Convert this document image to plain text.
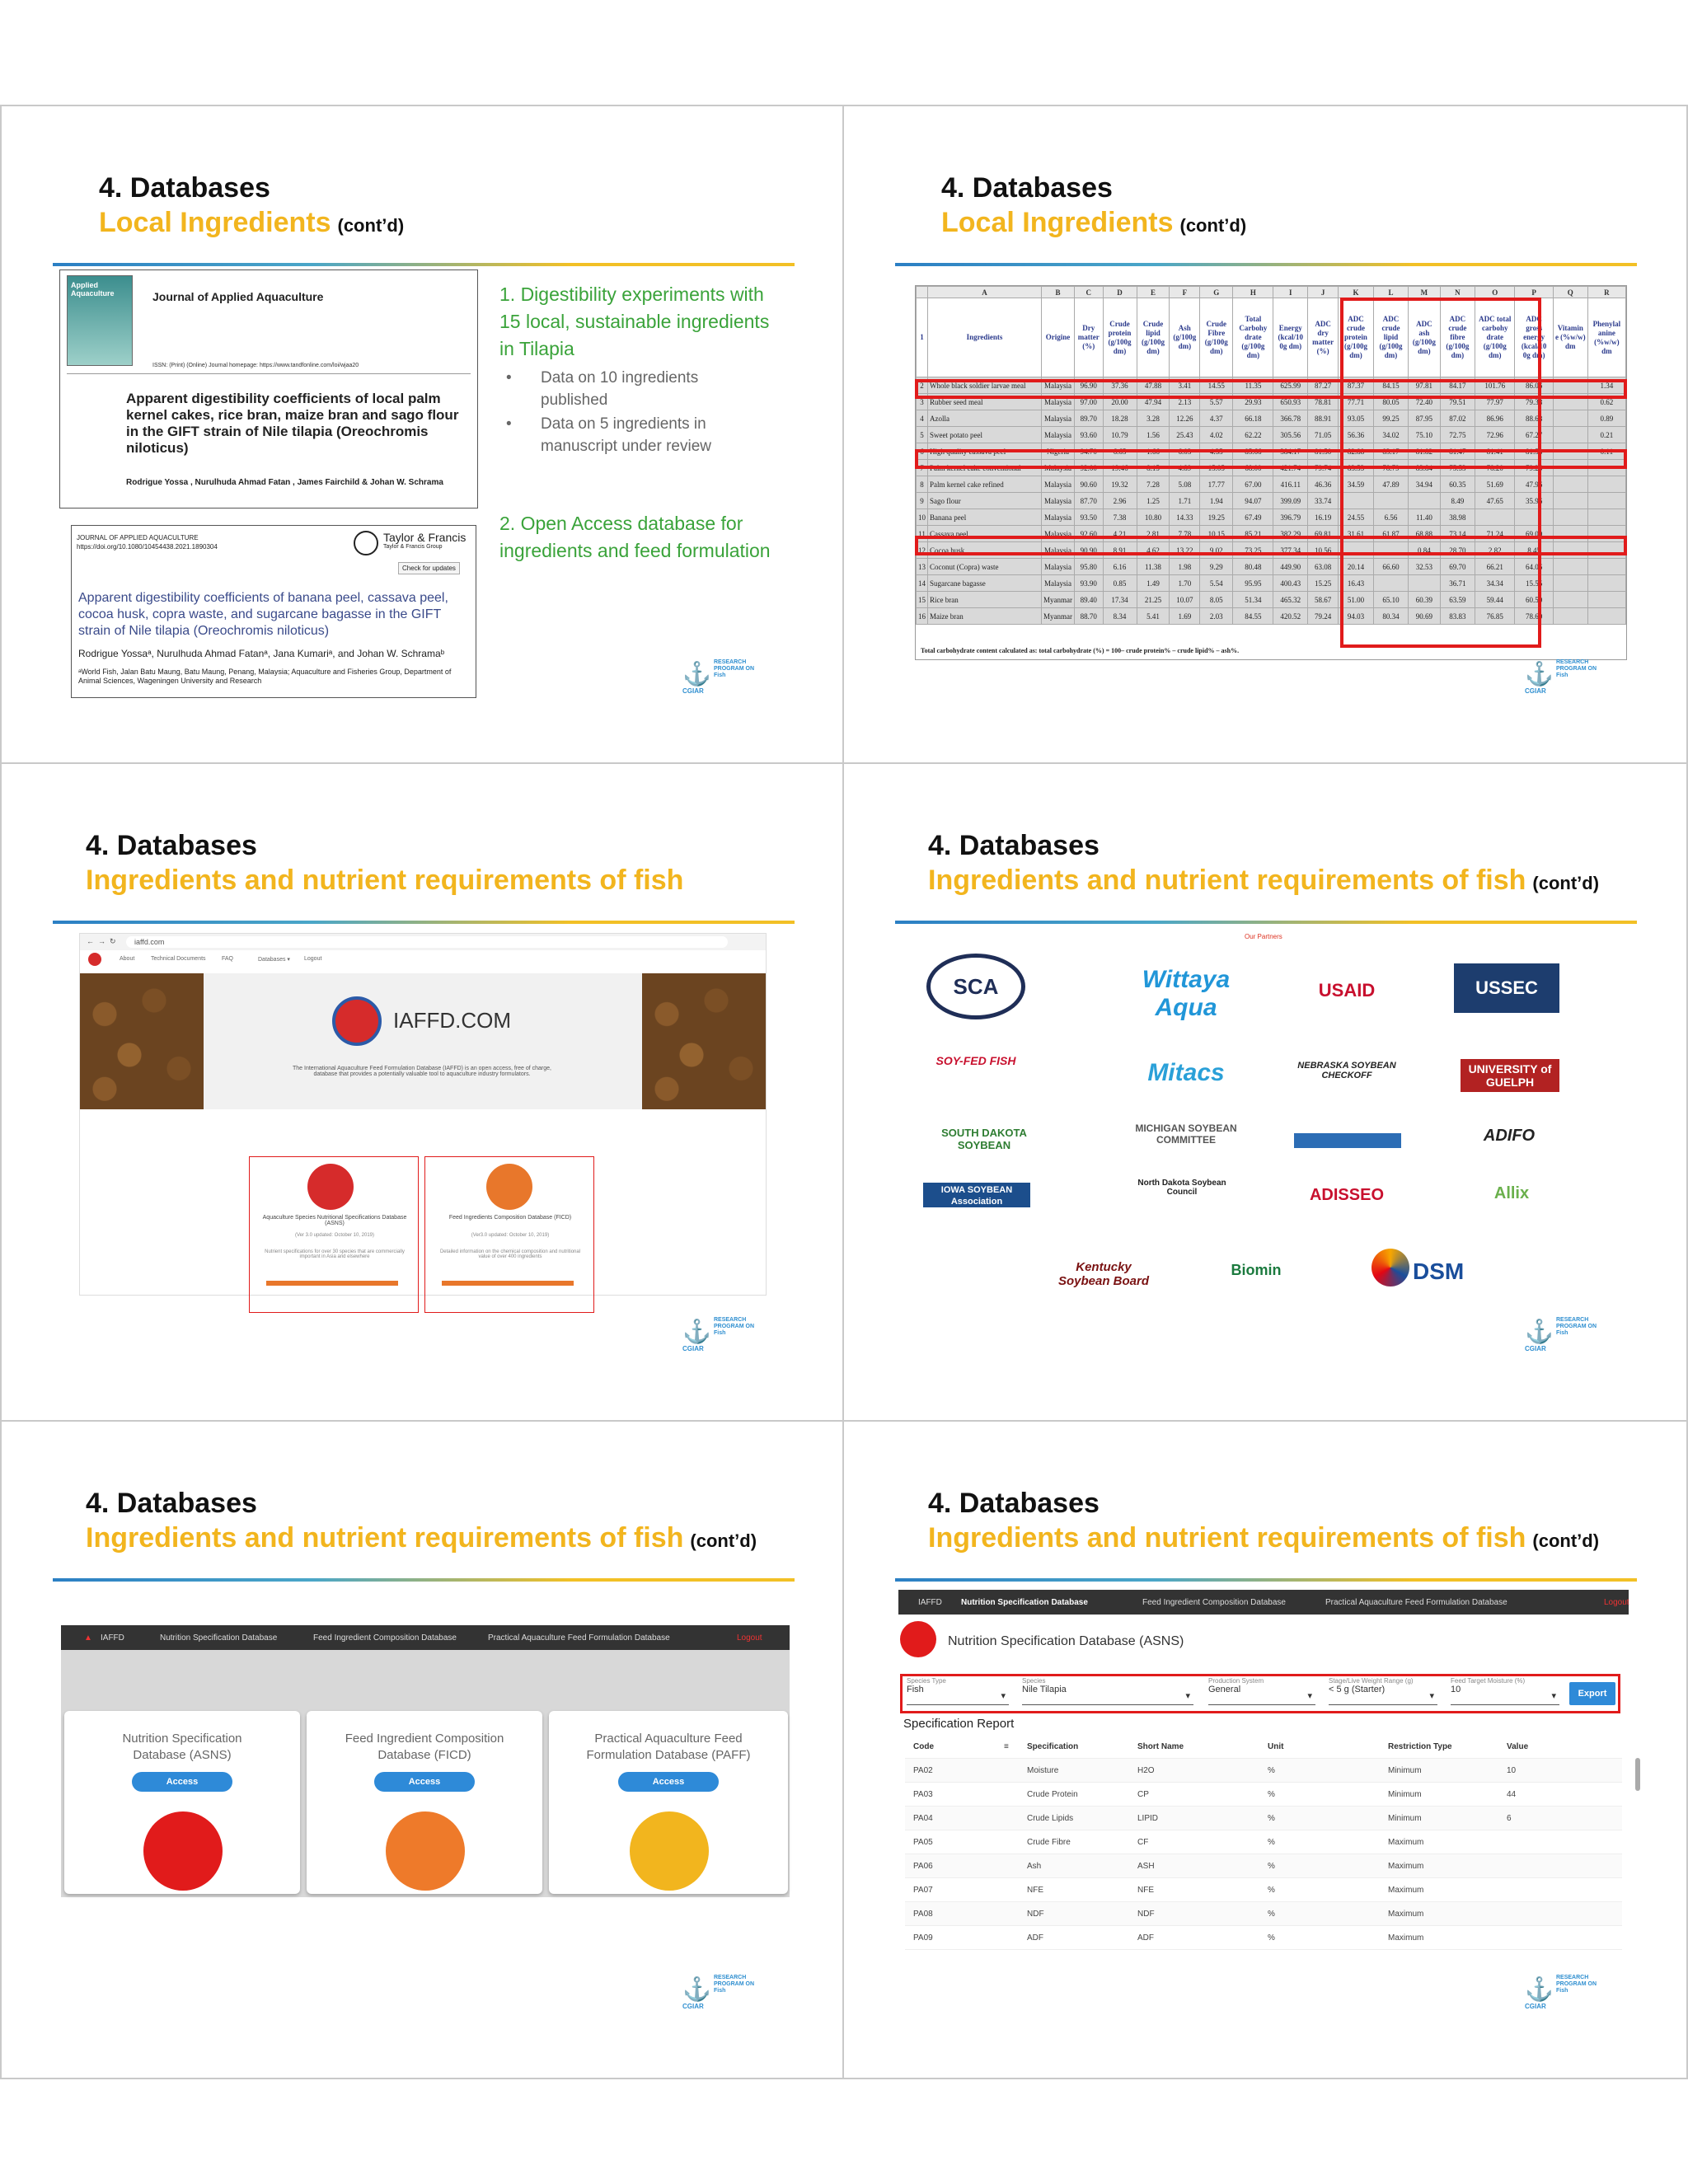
4. Databases
Local Ingredients (cont’d)
Applied Aquaculture	Journal of Applied Aquaculture
ISSN: (Print) (Online) Journal homepage: https://www.tandfonline.com/loi/wjaa20
Apparent digestibility coefficients of local palm kernel cakes, rice bran, maize bran and sago flour in the GIFT strain of Nile tilapia (Oreochromis niloticus)
Rodrigue Yossa , Nurulhuda Ahmad Fatan , James Fairchild & Johan W. Schrama
JOURNAL OF APPLIED AQUACULTURE
https://doi.org/10.1080/10454438.2021.1890304
Taylor & Francis
Taylor & Francis Group
Check for updates
Apparent digestibility coefficients of banana peel, cassava peel, cocoa husk, copra waste, and sugarcane bagasse in the GIFT strain of Nile tilapia (Oreochromis niloticus)
Rodrigue Yossaᵃ, Nurulhuda Ahmad Fatanᵃ, Jana Kumariᵃ, and Johan W. Schramaᵇ
ᵃWorld Fish, Jalan Batu Maung, Batu Maung, Penang, Malaysia; Aquaculture and Fisheries Group, Department of Animal Sciences, Wageningen University and Research
1. Digestibility experiments with 15 local, sustainable ingredients in Tilapia
•	Data on 10 ingredients published
•	Data on 5 ingredients in manuscript under review
2. Open Access database for ingredients and feed formulation
⚓ RESEARCH PROGRAM ON Fish
CGIAR
4. Databases
Local Ingredients (cont’d)
	A	B	C	D	E	F	G	H	I	J	K	L	M	N	O	P	Q	R
1	Ingredients	Origine	Dry matter (%)	Crude protein (g/100g dm)	Crude lipid (g/100g dm)	Ash (g/100g dm)	Crude Fibre (g/100g dm)	Total Carbohy drate (g/100g dm)	Energy (kcal/10 0g dm)	ADC dry matter (%)	ADC crude protein (g/100g dm)	ADC crude lipid (g/100g dm)	ADC ash (g/100g dm)	ADC crude fibre (g/100g dm)	ADC total carbohy drate (g/100g dm)	ADC gross energy (kcal/10 0g dm)	Vitamin e (%w/w) dm	Phenylal anine (%w/w) dm
2	Whole black soldier larvae meal	Malaysia	96.90	37.36	47.88	3.41	14.55	11.35	625.99	87.27	87.37	84.15	97.81	84.17	101.76	86.06		1.34
3	Rubber seed meal	Malaysia	97.00	20.00	47.94	2.13	5.57	29.93	650.93	78.81	77.71	80.05	72.40	79.51	77.97	79.38		0.62
4	Azolla	Malaysia	89.70	18.28	3.28	12.26	4.37	66.18	366.78	88.91	93.05	99.25	87.95	87.02	86.96	88.68		0.89
5	Sweet potato peel	Malaysia	93.60	10.79	1.56	25.43	4.02	62.22	305.56	71.05	56.36	34.02	75.10	72.75	72.96	67.27		0.21
6	High quality cassava peel	Nigeria	94.70	6.65	1.66	6.03	4.35	85.66	384.17	81.50	82.88	83.17	81.82	81.47	81.41	81.58		0.11
7	Palm kernel cake conventional	Malaysia	92.00	19.46	8.15	4.89	15.05	68.00	421.74	79.74	83.53	78.79	83.84	75.53	78.20	79.25		
8	Palm kernel cake refined	Malaysia	90.60	19.32	7.28	5.08	17.77	67.00	416.11	46.36	34.59	47.89	34.94	60.35	51.69	47.96		
9	Sago flour	Malaysia	87.70	2.96	1.25	1.71	1.94	94.07	399.09	33.74				8.49	47.65	35.96		
10	Banana peel	Malaysia	93.50	7.38	10.80	14.33	19.25	67.49	396.79	16.19	24.55	6.56	11.40	38.98				
11	Cassava peel	Malaysia	92.60	4.21	2.81	7.78	10.15	85.21	382.29	69.81	31.61	61.87	68.88	73.14	71.24	69.00		
12	Cocoa husk	Malaysia	90.90	8.91	4.62	13.22	9.02	73.25	377.34	10.56			0.84	28.70	2.82	8.45		
13	Coconut (Copra) waste	Malaysia	95.80	6.16	11.38	1.98	9.29	80.48	449.90	63.08	20.14	66.60	32.53	69.70	66.21	64.06		
14	Sugarcane bagasse	Malaysia	93.90	0.85	1.49	1.70	5.54	95.95	400.43	15.25	16.43			36.71	34.34	15.55		
15	Rice bran	Myanmar	89.40	17.34	21.25	10.07	8.05	51.34	465.32	58.67	51.00	65.10	60.39	63.59	59.44	60.50		
16	Maize bran	Myanmar	88.70	8.34	5.41	1.69	2.03	84.55	420.52	79.24	94.03	80.34	90.69	83.83	76.85	78.60		
Total carbohydrate content calculated as: total carbohydrate (%) = 100– crude protein% – crude lipid% – ash%.
⚓ RESEARCH PROGRAM ON Fish
CGIAR
4. Databases
Ingredients and nutrient requirements of fish
← → ↻	iaffd.com
About	Technical Documents	FAQ	Databases ▾ Logout
IAFFD.COM
The International Aquaculture Feed Formulation Database (IAFFD) is an open access, free of charge, database that provides a potentially valuable tool to aquaculture industry formulators.
Aquaculture Species Nutritional Specifications Database (ASNS)
(Ver 3.0 updated: October 10, 2019)
Nutrient specifications for over 30 species that are commercially important in Asia and elsewhere
Feed Ingredients Composition Database (FICD)
(Ver3.0 updated: October 10, 2019)
Detailed information on the chemical composition and nutritional value of over 400 ingredients
⚓ RESEARCH PROGRAM ON Fish
CGIAR
4. Databases
Ingredients and nutrient requirements of fish (cont’d)
Our Partners
SCA	Wittaya Aqua
USAID	USSEC
SOY-FED FISH	Mitacs	NEBRASKA SOYBEAN CHECKOFF	UNIVERSITY of GUELPH
SOUTH DAKOTA SOYBEAN
MICHIGAN SOYBEAN COMMITTEE	ADIFO
IOWA SOYBEAN Association
North Dakota Soybean Council	ADISSEO	Allix
Kentucky Soybean Board
Biomin	DSM
⚓ RESEARCH PROGRAM ON Fish
CGIAR
4. Databases
Ingredients and nutrient requirements of fish (cont’d)
▲ IAFFD	Nutrition Specification Database	Feed Ingredient Composition Database	Practical Aquaculture Feed Formulation Database	Logout
Nutrition Specification Database (ASNS)
Access
Feed Ingredient Composition Database (FICD)
Access
Practical Aquaculture Feed Formulation Database (PAFF)
Access
⚓ RESEARCH PROGRAM ON Fish
CGIAR
4. Databases
Ingredients and nutrient requirements of fish (cont’d)
IAFFD Nutrition Specification Database	Feed Ingredient Composition Database	Practical Aquaculture Feed Formulation Database	Logout
Nutrition Specification Database (ASNS)
Species Type
Fish
▾
Species
Nile Tilapia
▾
Production System
General
▾
Stage/Live Weight Range (g)
< 5 g (Starter)
▾
Feed Target Moisture (%)
10
▾	Export
Specification Report
Code	≡ Specification	Short Name	Unit	Restriction Type	Value
PA02	Moisture	H2O	%	Minimum	10
PA03	Crude Protein	CP	%	Minimum	44
PA04	Crude Lipids	LIPID	%	Minimum	6
PA05	Crude Fibre	CF	%	Maximum
PA06	Ash	ASH	%	Maximum
PA07	NFE	NFE	%	Maximum
PA08	NDF	NDF	%	Maximum
PA09	ADF	ADF	%	Maximum
⚓ RESEARCH PROGRAM ON Fish
CGIAR
